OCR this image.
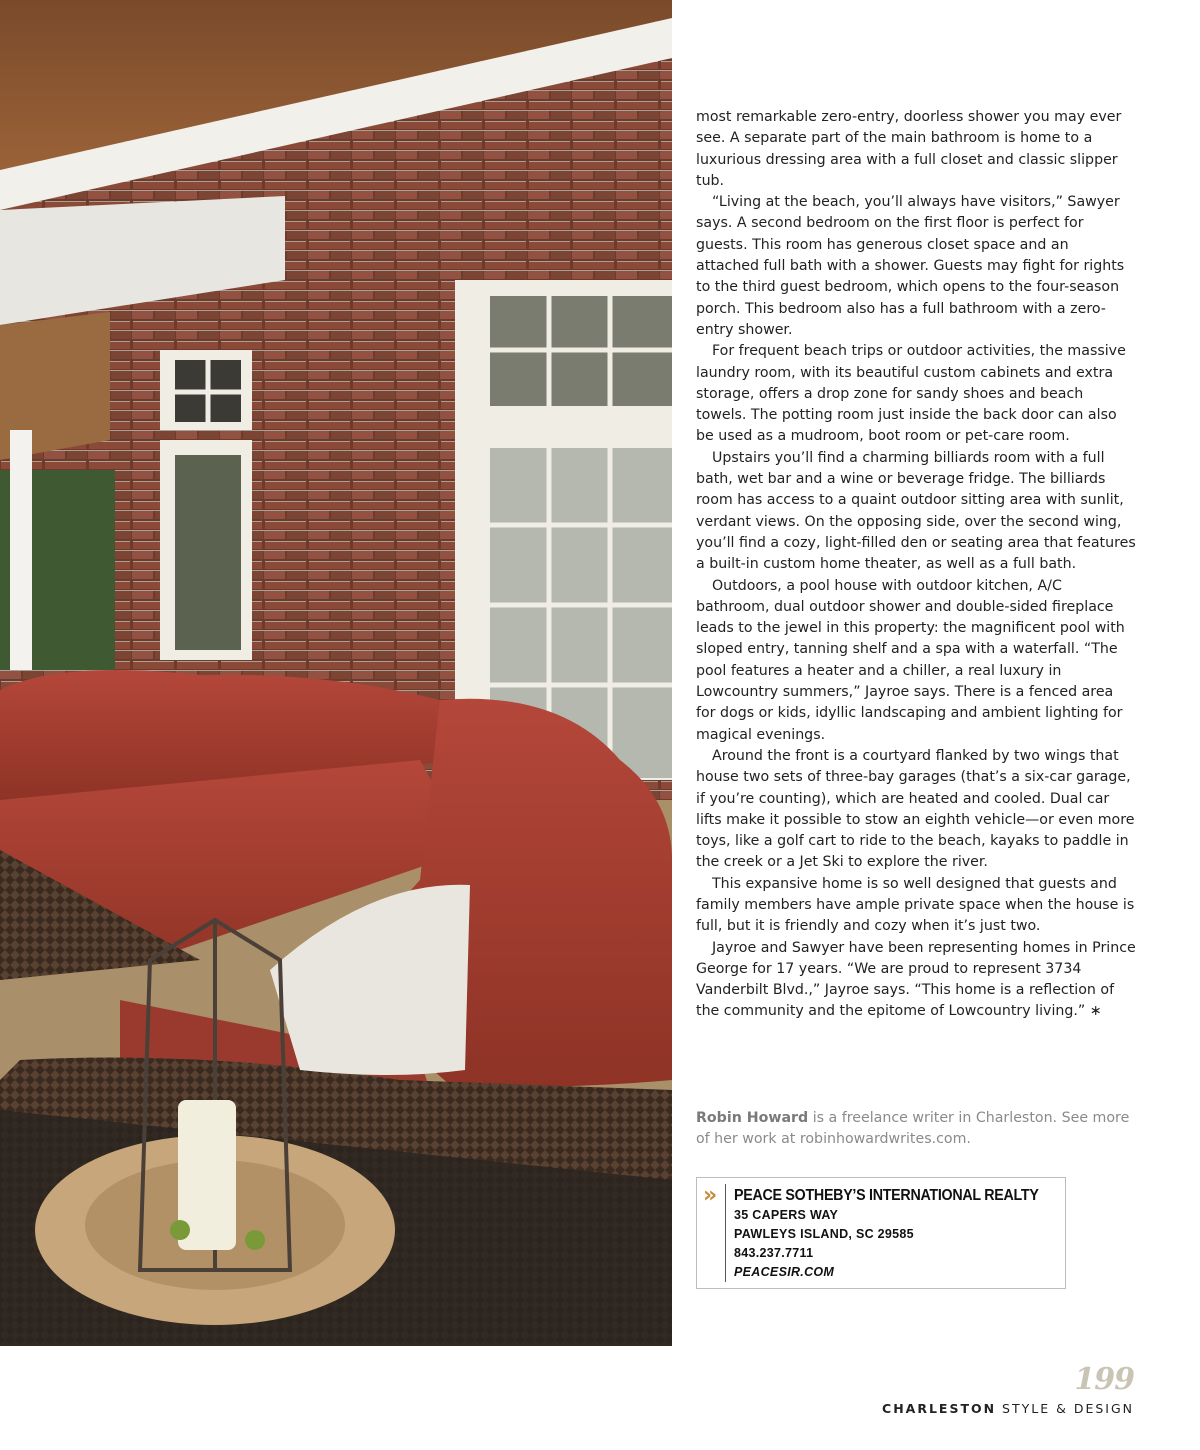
most remarkable zero-entry, doorless shower you may ever see. A separate part of the main bathroom is home to a luxurious dressing area with a full closet and classic slipper tub.

“Living at the beach, you’ll always have visitors,” Sawyer says. A second bedroom on the first floor is perfect for guests. This room has generous closet space and an attached full bath with a shower. Guests may fight for rights to the third guest bedroom, which opens to the four-season porch. This bedroom also has a full bathroom with a zero-entry shower.

For frequent beach trips or outdoor activities, the massive laundry room, with its beautiful custom cabinets and extra storage, offers a drop zone for sandy shoes and beach towels. The potting room just inside the back door can also be used as a mudroom, boot room or pet-care room.

Upstairs you’ll find a charming billiards room with a full bath, wet bar and a wine or beverage fridge. The billiards room has access to a quaint outdoor sitting area with sunlit, verdant views. On the opposing side, over the second wing, you’ll find a cozy, light-filled den or seating area that features a built-in custom home theater, as well as a full bath.

Outdoors, a pool house with outdoor kitchen, A/C bathroom, dual outdoor shower and double-sided fireplace leads to the jewel in this property: the magnificent pool with sloped entry, tanning shelf and a spa with a waterfall. “The pool features a heater and a chiller, a real luxury in Lowcountry summers,” Jayroe says. There is a fenced area for dogs or kids, idyllic landscaping and ambient lighting for magical evenings.

Around the front is a courtyard flanked by two wings that house two sets of three-bay garages (that’s a six-car garage, if you’re counting), which are heated and cooled. Dual car lifts make it possible to stow an eighth vehicle—or even more toys, like a golf cart to ride to the beach, kayaks to paddle in the creek or a Jet Ski to explore the river.

This expansive home is so well designed that guests and family members have ample private space when the house is full, but it is friendly and cozy when it’s just two.

Jayroe and Sawyer have been representing homes in Prince George for 17 years. “We are proud to represent 3734 Vanderbilt Blvd.,” Jayroe says. “This home is a reflection of the community and the epitome of Lowcountry living.” ∗

Robin Howard is a freelance writer in Charleston. See more of her work at robinhowardwrites.com.
» PEACE SOTHEBY’S INTERNATIONAL REALTY
35 CAPERS WAY
PAWLEYS ISLAND, SC 29585
843.237.7711
PEACESIR.COM
199
CHARLESTON STYLE & DESIGN
